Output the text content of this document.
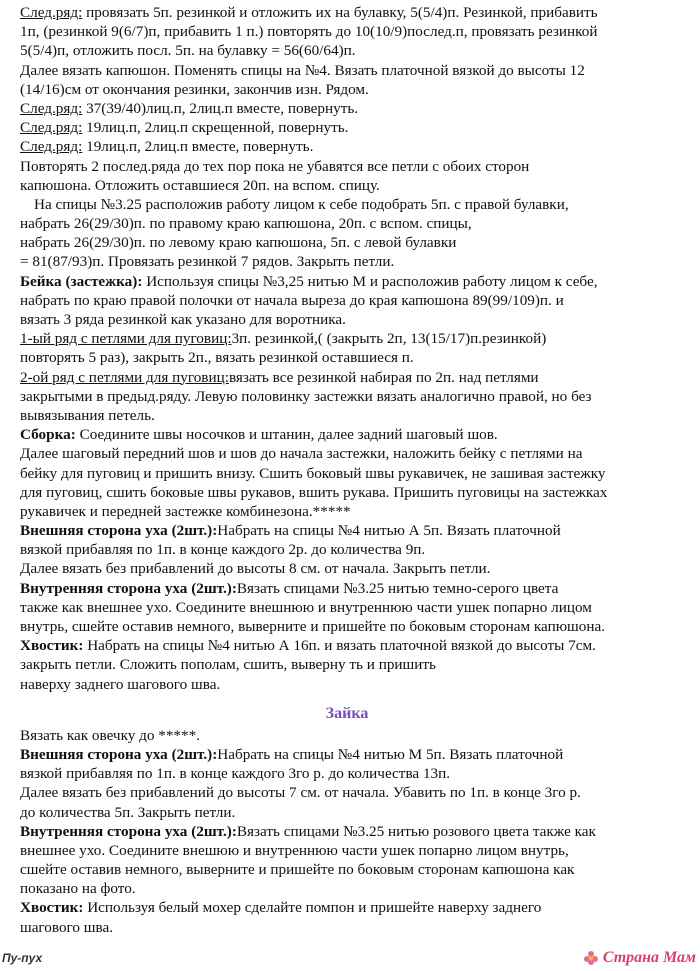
След.ряд: провязать 5п. резинкой и отложить их на булавку, 5(5/4)п. Резинкой, прибавить
1п, (резинкой 9(6/7)п, прибавить 1 п.) повторять до 10(10/9)послед.п, провязать резинкой
5(5/4)п, отложить посл. 5п. на булавку = 56(60/64)п.
Далее вязать капюшон. Поменять спицы на №4. Вязать платочной вязкой до высоты 12
(14/16)см от окончания резинки, закончив изн. Рядом.
След.ряд: 37(39/40)лиц.п, 2лиц.п вместе, повернуть.
След.ряд: 19лиц.п, 2лиц.п скрещенной, повернуть.
След.ряд: 19лиц.п, 2лиц.п вместе, повернуть.
Повторять 2 послед.ряда до тех пор пока не убавятся все петли с обоих сторон
капюшона. Отложить оставшиеся 20п. на вспом. спицу.
На спицы №3.25 расположив работу лицом к себе подобрать 5п. с правой булавки,
набрать 26(29/30)п. по правому краю капюшона, 20п. с вспом. спицы,
набрать 26(29/30)п. по левому краю капюшона, 5п. с левой булавки
= 81(87/93)п. Провязать резинкой 7 рядов. Закрыть петли.
Бейка (застежка): Используя спицы №3,25 нитью М и расположив работу лицом к себе,
набрать по краю правой полочки от начала выреза до края капюшона 89(99/109)п. и
вязать 3 ряда резинкой как указано для воротника.
1-ый ряд с петлями для пуговиц:3п. резинкой,( (закрыть 2п, 13(15/17)п.резинкой)
повторять 5 раз), закрыть 2п., вязать резинкой оставшиеся п.
2-ой ряд с петлями для пуговиц:вязать все резинкой набирая по 2п. над петлями
закрытыми в предыд.ряду. Левую половинку застежки вязать аналогично правой, но без
вывязывания петель.
Сборка: Соедините швы носочков и штанин, далее задний шаговый шов.
Далее шаговый передний шов и шов до начала застежки, наложить бейку с петлями на
бейку для пуговиц и пришить внизу. Сшить боковый швы рукавичек, не зашивая застежку
для пуговиц, сшить боковые швы рукавов, вшить рукава. Пришить пуговицы на застежках
рукавичек и передней застежке комбинезона.*****
Внешняя сторона уха (2шт.):Набрать на спицы №4 нитью А 5п. Вязать платочной
вязкой прибавляя по 1п. в конце каждого 2р. до количества 9п.
Далее вязать без прибавлений до высоты 8 см. от начала. Закрыть петли.
Внутренняя сторона уха (2шт.):Вязать спицами №3.25 нитью темно-серого цвета
также как внешнее ухо. Соедините внешнюю и внутреннюю части ушек попарно лицом
внутрь, сшейте оставив немного, выверните и пришейте по боковым сторонам капюшона.
Хвостик: Набрать на спицы №4 нитью А 16п. и вязать платочной вязкой до высоты 7см.
закрыть петли. Сложить пополам, сшить, выверну ть и пришить
наверху заднего шагового шва.
Зайка
Вязать как овечку до *****.
Внешняя сторона уха (2шт.):Набрать на спицы №4 нитью М 5п. Вязать платочной
вязкой прибавляя по 1п. в конце каждого 3го р. до количества 13п.
Далее вязать без прибавлений до высоты 7 см. от начала. Убавить по 1п. в конце 3го р.
до количества 5п. Закрыть петли.
Внутренняя сторона уха (2шт.):Вязать спицами №3.25 нитью розового цвета также как
внешнее ухо. Соедините внешюю и внутреннюю части ушек попарно лицом внутрь,
сшейте оставив немного, выверните и пришейте по боковым сторонам капюшона как
показано на фото.
Хвостик: Используя белый мохер сделайте помпон и пришейте наверху заднего
шагового шва.
Пу-пух	Страна Мам
